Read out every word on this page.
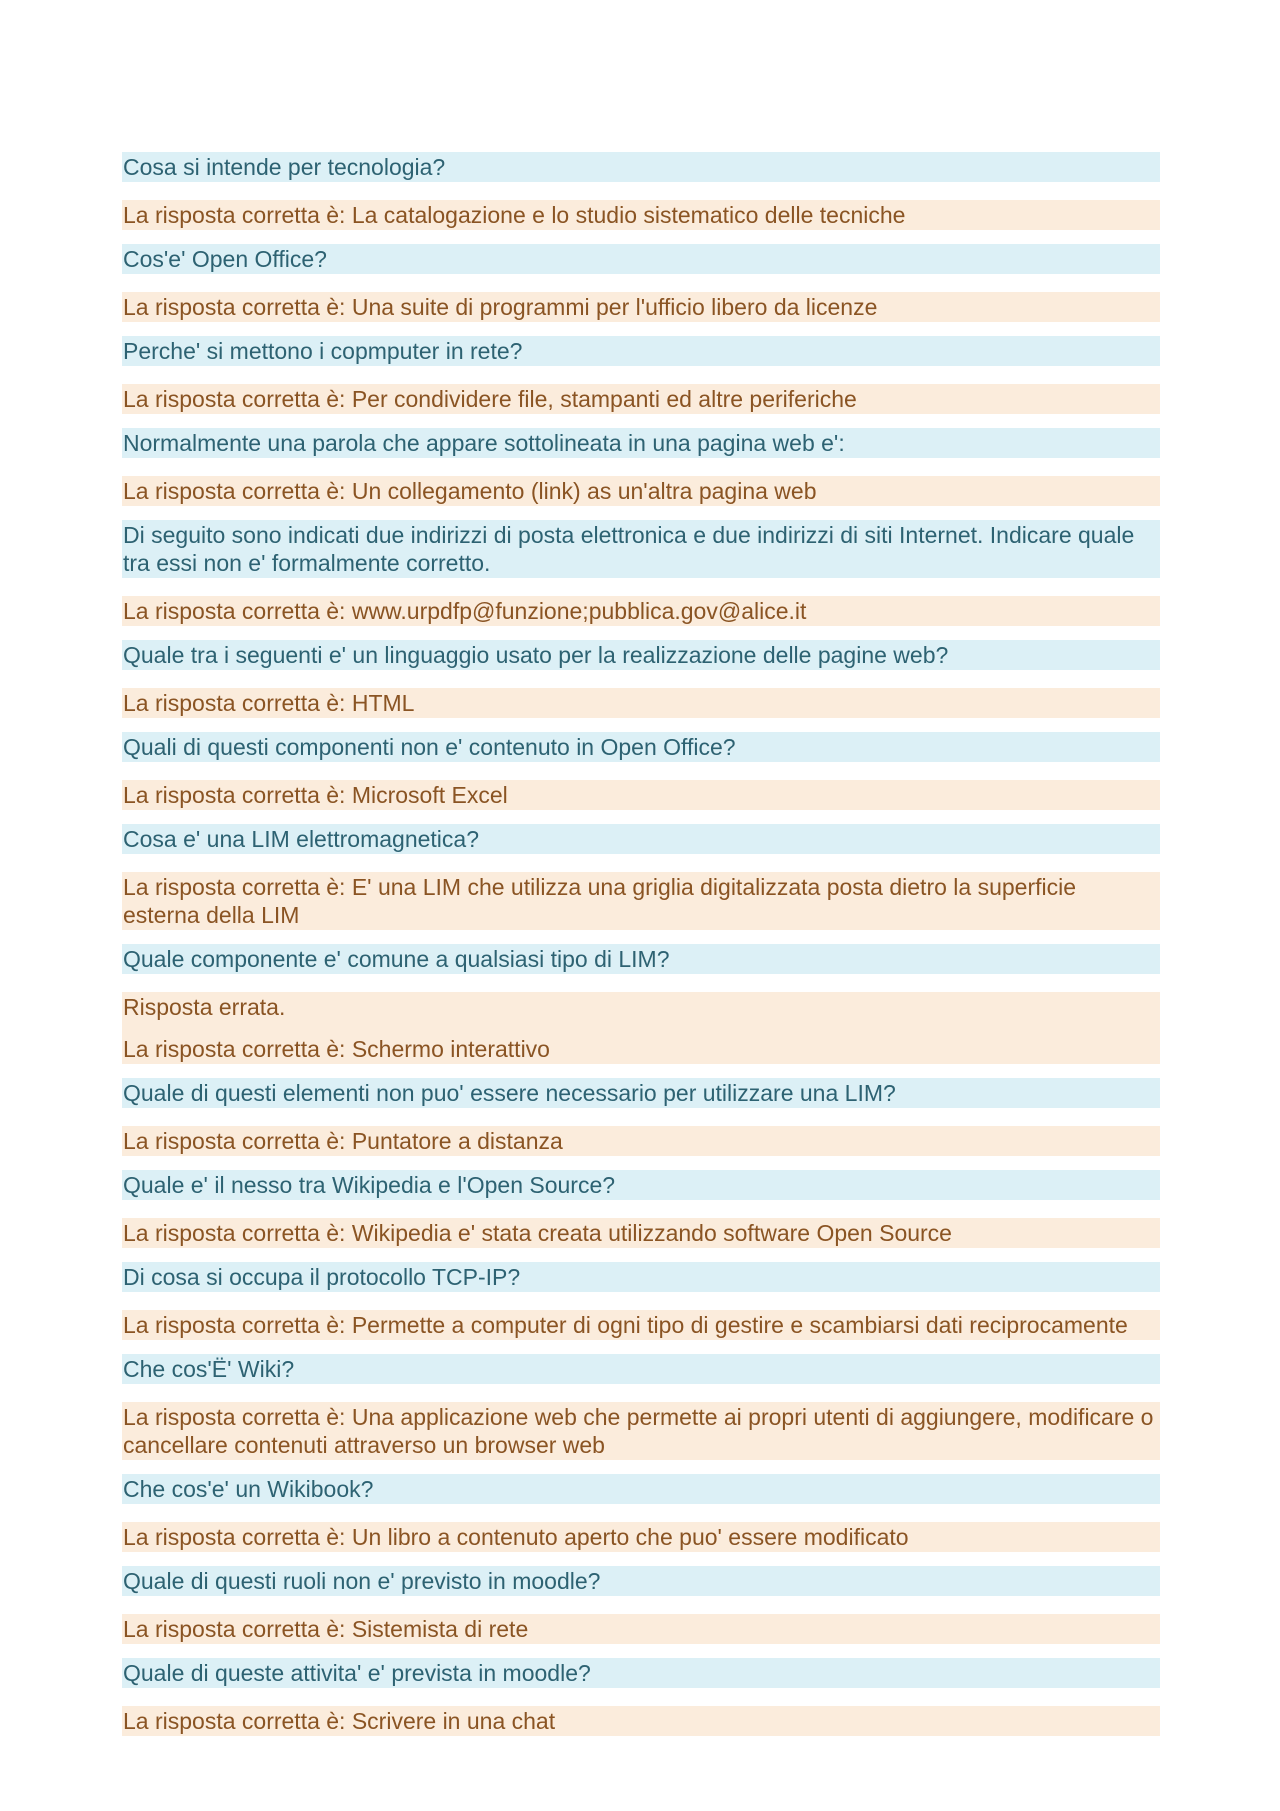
Cosa si intende per tecnologia?
La risposta corretta è: La catalogazione e lo studio sistematico delle tecniche
Cos'e' Open Office?
La risposta corretta è: Una suite di programmi per l'ufficio libero da licenze
Perche' si mettono i copmputer in rete?
La risposta corretta è: Per condividere file, stampanti ed altre periferiche
Normalmente una parola che appare sottolineata in una pagina web e':
La risposta corretta è: Un collegamento (link) as un'altra pagina web
Di seguito sono indicati due indirizzi di posta elettronica e due indirizzi di siti Internet. Indicare quale tra essi non e' formalmente corretto.
La risposta corretta è: www.urpdfp@funzione;pubblica.gov@alice.it
Quale tra i seguenti e' un linguaggio usato per la realizzazione delle pagine web?
La risposta corretta è: HTML
Quali di questi componenti non e' contenuto in Open Office?
La risposta corretta è: Microsoft Excel
Cosa e' una LIM elettromagnetica?
La risposta corretta è: E' una LIM che utilizza una griglia digitalizzata posta dietro la superficie esterna della LIM
Quale componente e' comune a qualsiasi tipo di LIM?
Risposta errata.
La risposta corretta è: Schermo interattivo
Quale di questi elementi non puo' essere necessario per utilizzare una LIM?
La risposta corretta è: Puntatore a distanza
Quale e' il nesso tra Wikipedia e l'Open Source?
La risposta corretta è: Wikipedia e' stata creata utilizzando software Open Source
Di cosa si occupa il protocollo TCP-IP?
La risposta corretta è: Permette a computer di ogni tipo di gestire e scambiarsi dati reciprocamente
Che cos'Ë' Wiki?
La risposta corretta è: Una applicazione web che permette ai propri utenti di aggiungere, modificare o cancellare contenuti attraverso un browser web
Che cos'e' un Wikibook?
La risposta corretta è: Un libro a contenuto aperto che puo' essere modificato
Quale di questi ruoli non e' previsto in moodle?
La risposta corretta è: Sistemista di rete
Quale di queste attivita' e' prevista in moodle?
La risposta corretta è: Scrivere in una chat
